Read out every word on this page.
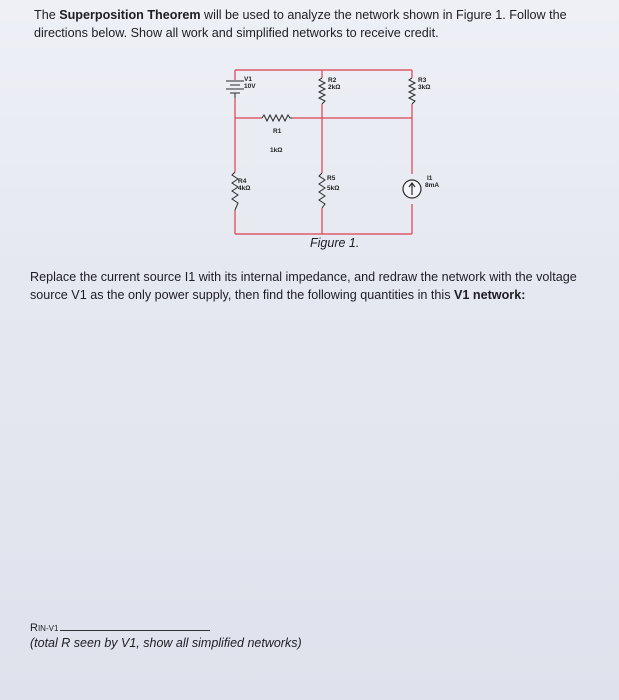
The Superposition Theorem will be used to analyze the network shown in Figure 1. Follow the directions below. Show all work and simplified networks to receive credit.
V1
10V
R2
2kΩ
R3
3kΩ
R1
1kΩ
R4
4kΩ
R5
5kΩ
I1
8mA
Figure 1.
Replace the current source I1 with its internal impedance, and redraw the network with the voltage source V1 as the only power supply, then find the following quantities in this V1 network:
RIN-V1
(total R seen by V1, show all simplified networks)
